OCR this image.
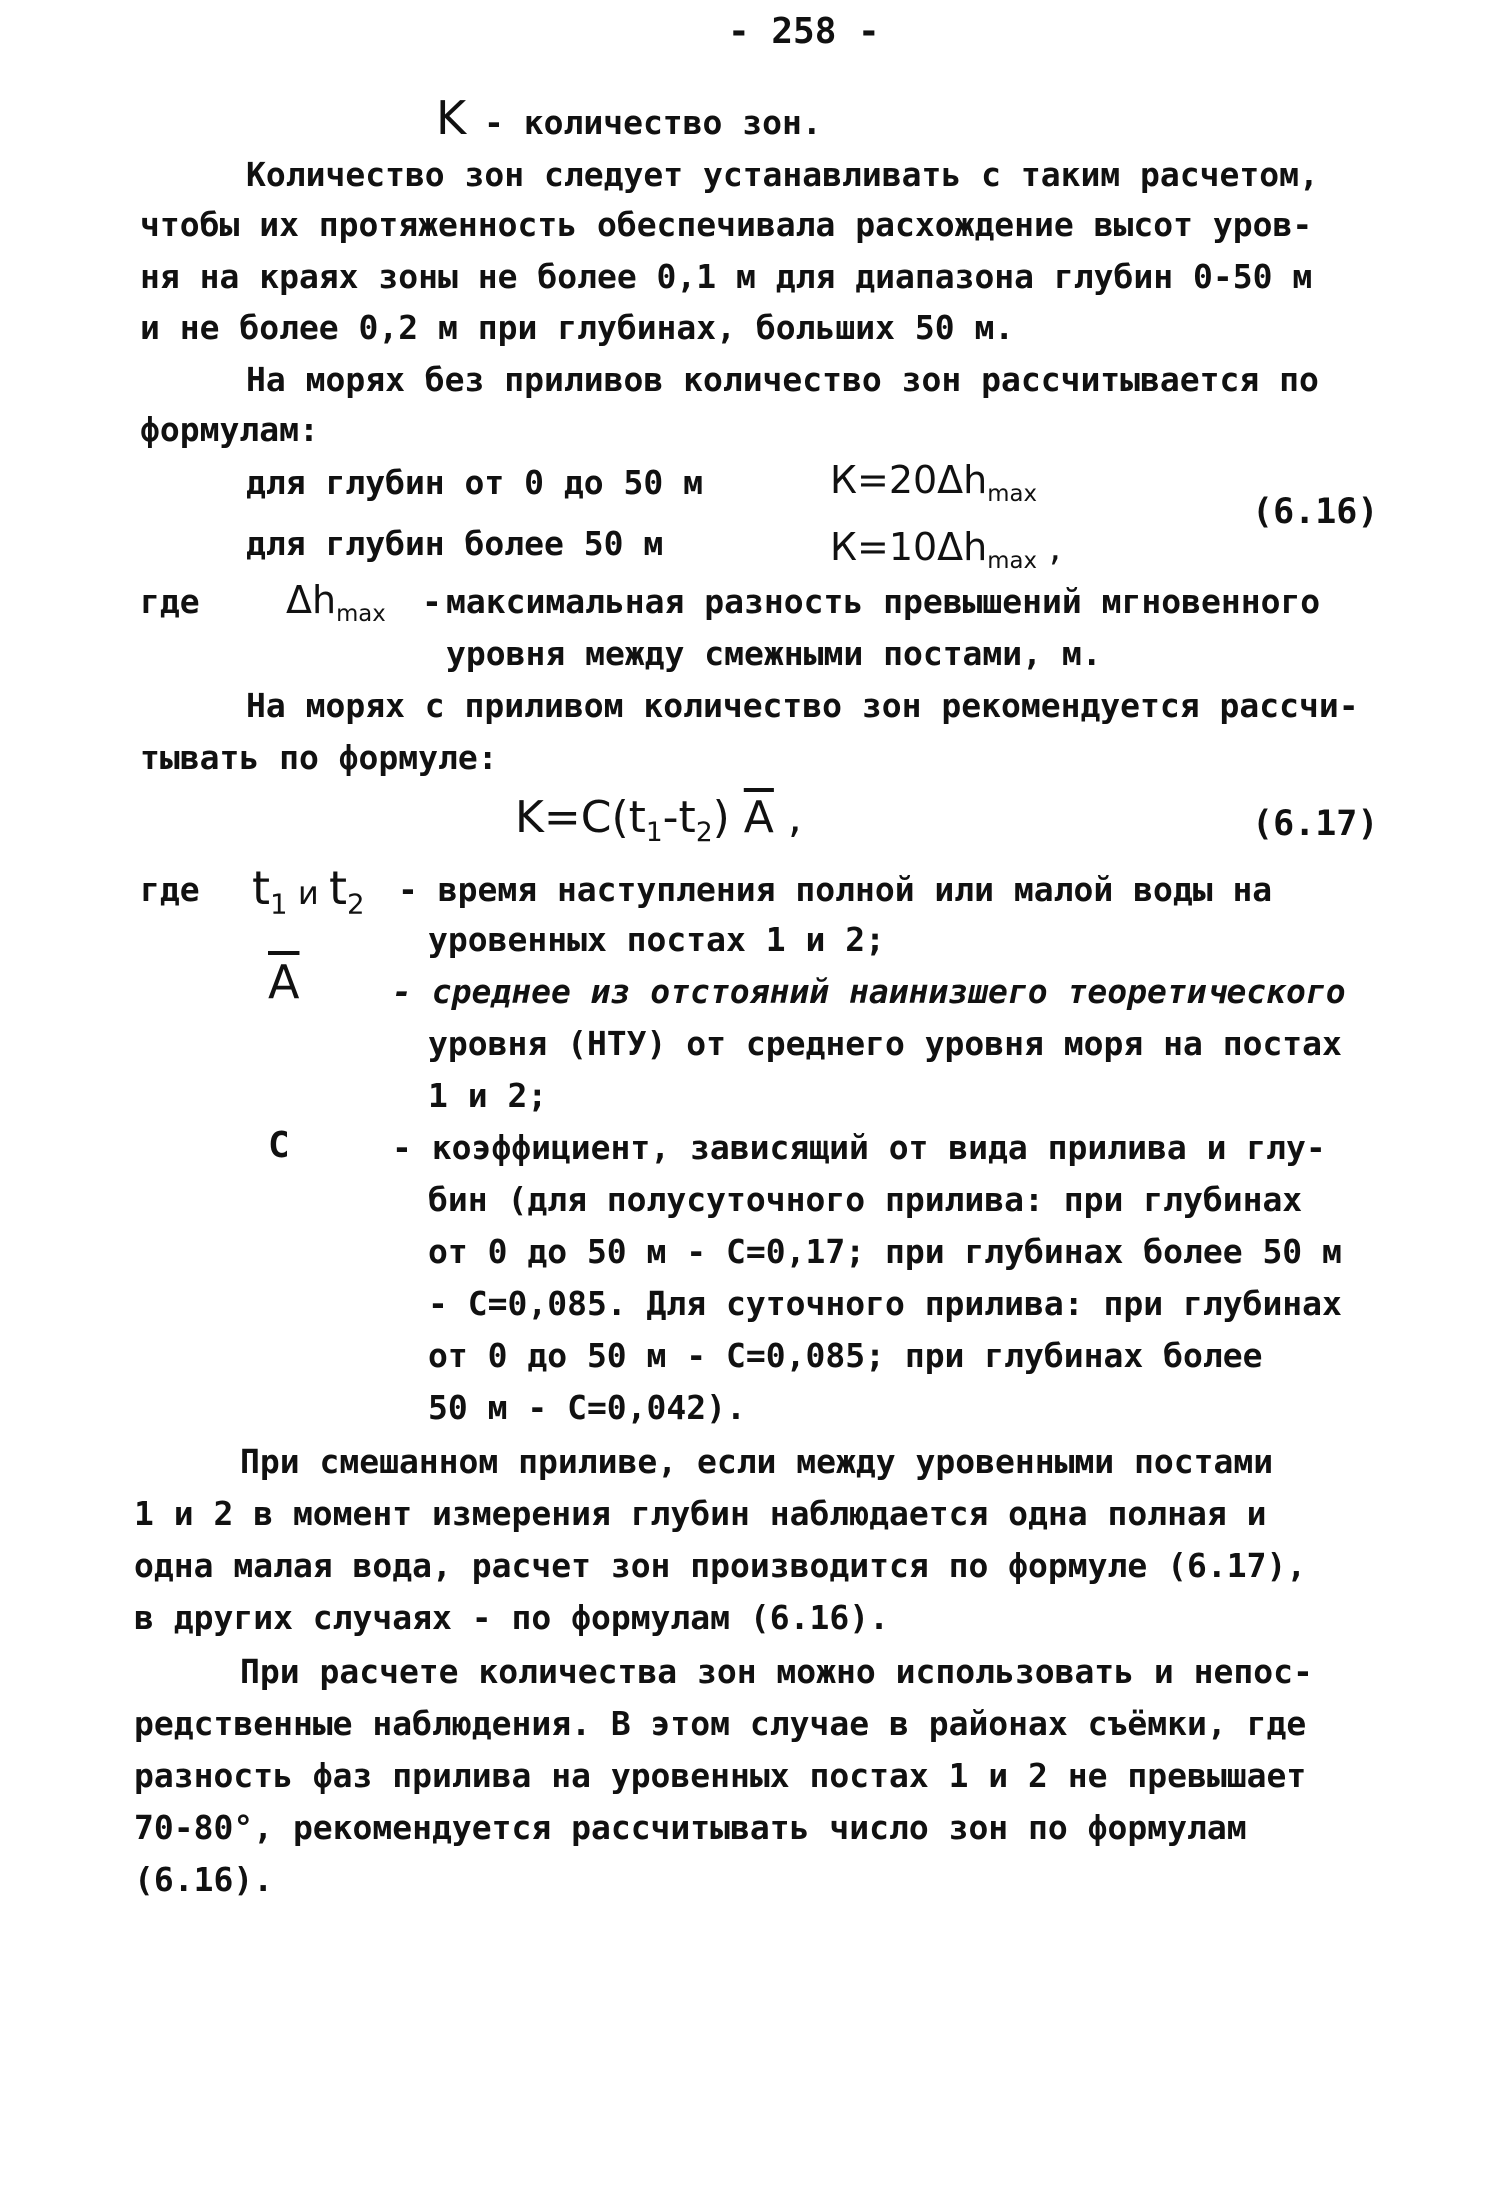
- 258 -
K - количество зон.
Количество зон следует устанавливать с таким расчетом,
чтобы их протяженность обеспечивала расхождение высот уров-
ня на краях зоны не более 0,1 м для диапазона глубин 0-50 м
и не более 0,2 м при глубинах, больших 50 м.
На морях без приливов количество зон рассчитывается по
формулам:
для глубин от 0 до 50 м	$К=20\Delta h_{max}$	(6.16)
для глубин более 50 м	$К=10\Delta h_{max}$ ,
где $\Delta h_{max}$ - максимальная разность превышений мгновенного
уровня между смежными постами, м.
На морях с приливом количество зон рекомендуется рассчи-
тывать по формуле:
$K=C(t_1-t_2)$ $\overline{A}$ ,	(6.17)
где $t_1$ и $t_2$ - время наступления полной или малой воды на
уровенных постах 1 и 2;
$\overline{A}$	- среднее из отстояний наинизшего теоретического
уровня (НТУ) от среднего уровня моря на постах
1 и 2;
C	- коэффициент, зависящий от вида прилива и глу-
бин (для полусуточного прилива: при глубинах
от 0 до 50 м - С=0,17; при глубинах более 50 м
- С=0,085. Для суточного прилива: при глубинах
от 0 до 50 м - С=0,085; при глубинах более
50 м - С=0,042).
При смешанном приливе, если между уровенными постами
1 и 2 в момент измерения глубин наблюдается одна полная и
одна малая вода, расчет зон производится по формуле (6.17),
в других случаях - по формулам (6.16).
При расчете количества зон можно использовать и непос-
редственные наблюдения. В этом случае в районах съёмки, где
разность фаз прилива на уровенных постах 1 и 2 не превышает
70-80°, рекомендуется рассчитывать число зон по формулам
(6.16).
